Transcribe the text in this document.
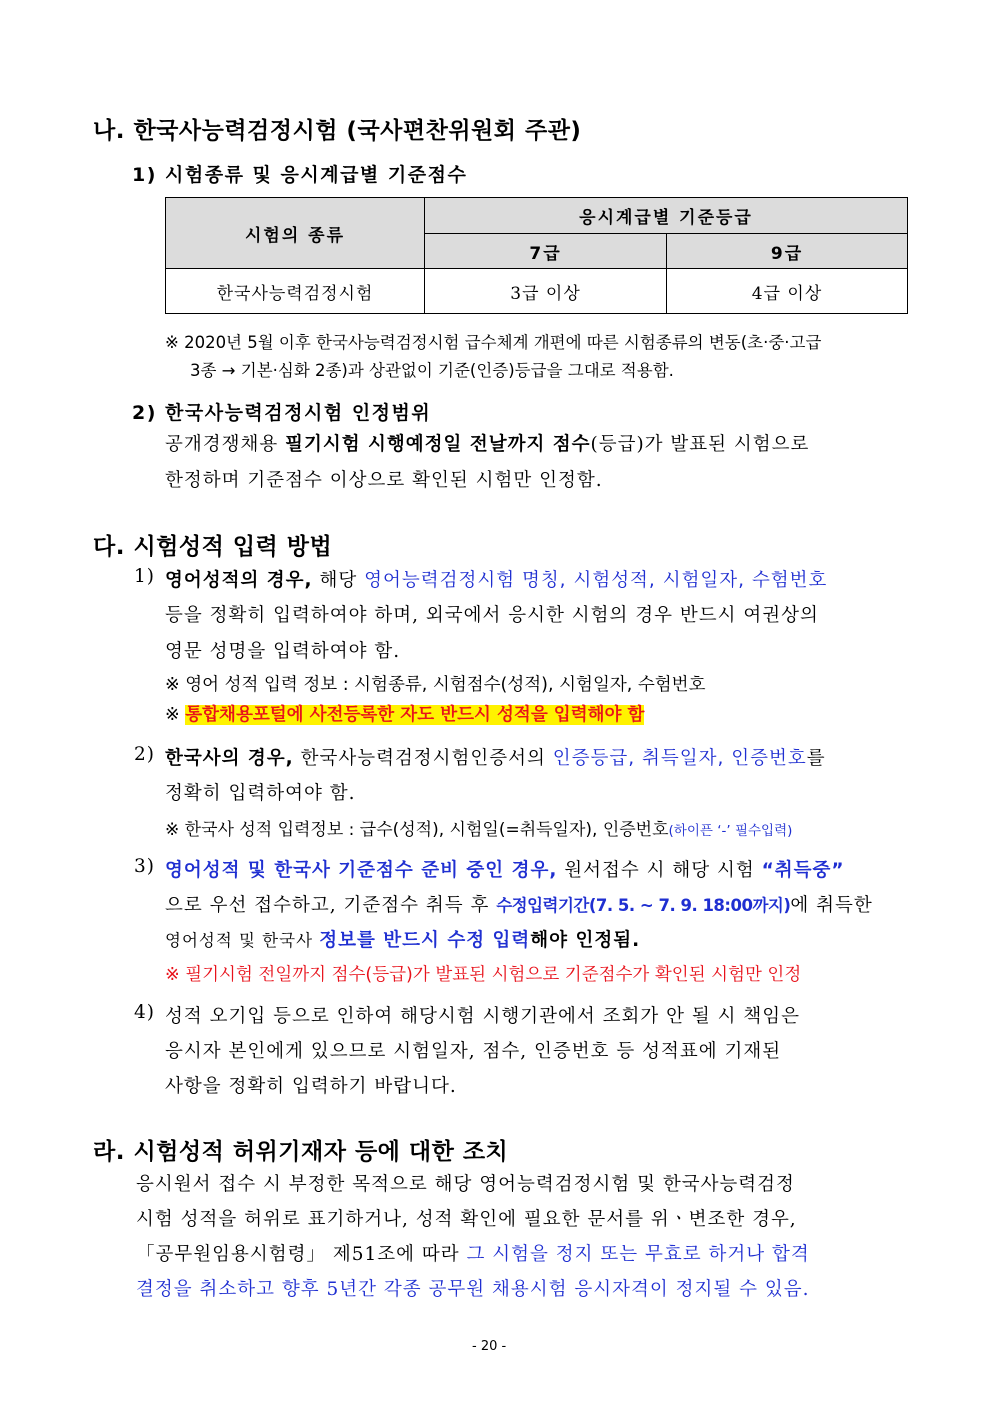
나. 한국사능력검정시험 (국사편찬위원회 주관)
1) 시험종류 및 응시계급별 기준점수
시험의 종류	응시계급별 기준등급	
	7급	9급
한국사능력검정시험	3급 이상	4급 이상
※ 2020년 5월 이후 한국사능력검정시험 급수체계 개편에 따른 시험종류의 변동(초·중·고급
3종 → 기본·심화 2종)과 상관없이 기준(인증)등급을 그대로 적용함.
2) 한국사능력검정시험 인정범위
공개경쟁채용 필기시험 시행예정일 전날까지 점수(등급)가 발표된 시험으로
한정하며 기준점수 이상으로 확인된 시험만 인정함.
다. 시험성적 입력 방법
1) 영어성적의 경우, 해당 영어능력검정시험 명칭, 시험성적, 시험일자, 수험번호
등을 정확히 입력하여야 하며, 외국에서 응시한 시험의 경우 반드시 여권상의
영문 성명을 입력하여야 함.
※ 영어 성적 입력 정보 : 시험종류, 시험점수(성적), 시험일자, 수험번호
※ 통합채용포털에 사전등록한 자도 반드시 성적을 입력해야 함
2) 한국사의 경우, 한국사능력검정시험인증서의 인증등급, 취득일자, 인증번호를
정확히 입력하여야 함.
※ 한국사 성적 입력정보 : 급수(성적), 시험일(=취득일자), 인증번호(하이픈 ‘-’ 필수입력)
3) 영어성적 및 한국사 기준점수 준비 중인 경우, 원서접수 시 해당 시험 “취득중”
으로 우선 접수하고, 기준점수 취득 후 수정입력기간(7. 5. ~ 7. 9. 18:00까지)에 취득한
영어성적 및 한국사 정보를 반드시 수정 입력해야 인정됨.
※ 필기시험 전일까지 점수(등급)가 발표된 시험으로 기준점수가 확인된 시험만 인정
4) 성적 오기입 등으로 인하여 해당시험 시행기관에서 조회가 안 될 시 책임은
응시자 본인에게 있으므로 시험일자, 점수, 인증번호 등 성적표에 기재된
사항을 정확히 입력하기 바랍니다.
라. 시험성적 허위기재자 등에 대한 조치
응시원서 접수 시 부정한 목적으로 해당 영어능력검정시험 및 한국사능력검정
시험 성적을 허위로 표기하거나, 성적 확인에 필요한 문서를 위ㆍ변조한 경우,
「공무원임용시험령」 제51조에 따라 그 시험을 정지 또는 무효로 하거나 합격
결정을 취소하고 향후 5년간 각종 공무원 채용시험 응시자격이 정지될 수 있음.
- 20 -
